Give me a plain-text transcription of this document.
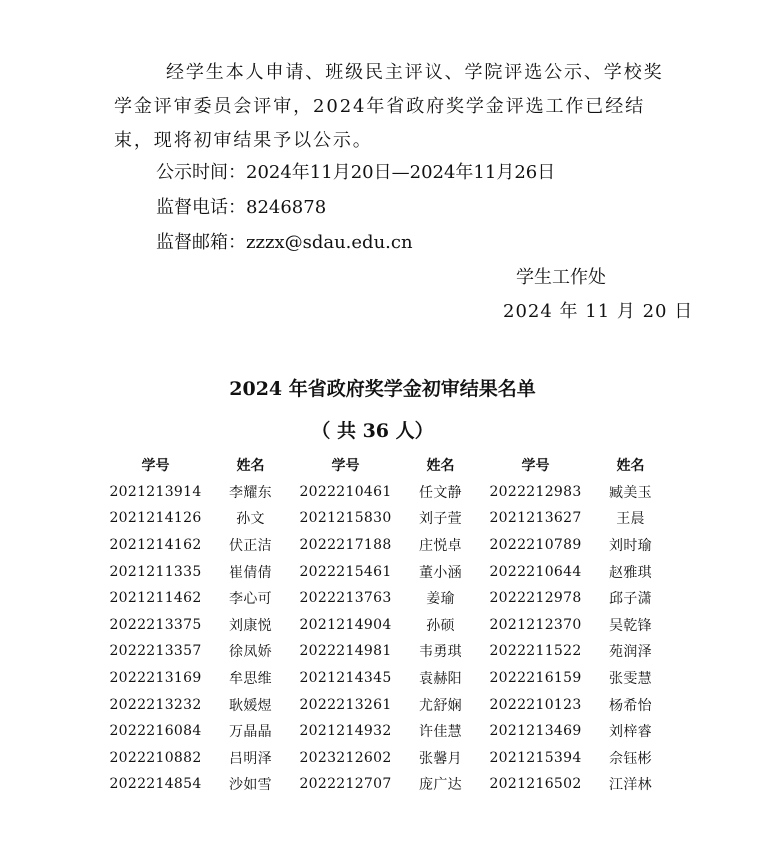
经学生本人申请、班级民主评议、学院评选公示、学校奖学金评审委员会评审，2024年省政府奖学金评选工作已经结束，现将初审结果予以公示。

公示时间：2024年11月20日—2024年11月26日

监督电话：8246878

监督邮箱：zzzx@sdau.edu.cn

学生工作处

2024 年 11 月 20 日

2024 年省政府奖学金初审结果名单
（ 共 36 人）
学号	姓名	学号	姓名	学号	姓名
2021213914	李耀东	2022210461	任文静	2022212983	臧美玉
2021214126	孙文	2021215830	刘子萱	2021213627	王晨
2021214162	伏正洁	2022217188	庄悦卓	2022210789	刘时瑜
2021211335	崔倩倩	2022215461	董小涵	2022210644	赵雅琪
2021211462	李心可	2022213763	姜瑜	2022212978	邱子潇
2022213375	刘康悦	2021214904	孙硕	2021212370	吴乾锋
2022213357	徐凤娇	2022214981	韦勇琪	2022211522	苑润泽
2022213169	牟思维	2021214345	袁赫阳	2022216159	张雯慧
2022213232	耿媛煜	2022213261	尤舒娴	2022210123	杨希怡
2022216084	万晶晶	2021214932	许佳慧	2021213469	刘梓睿
2022210882	吕明泽	2023212602	张馨月	2021215394	佘钰彬
2022214854	沙如雪	2022212707	庞广达	2021216502	江洋林
